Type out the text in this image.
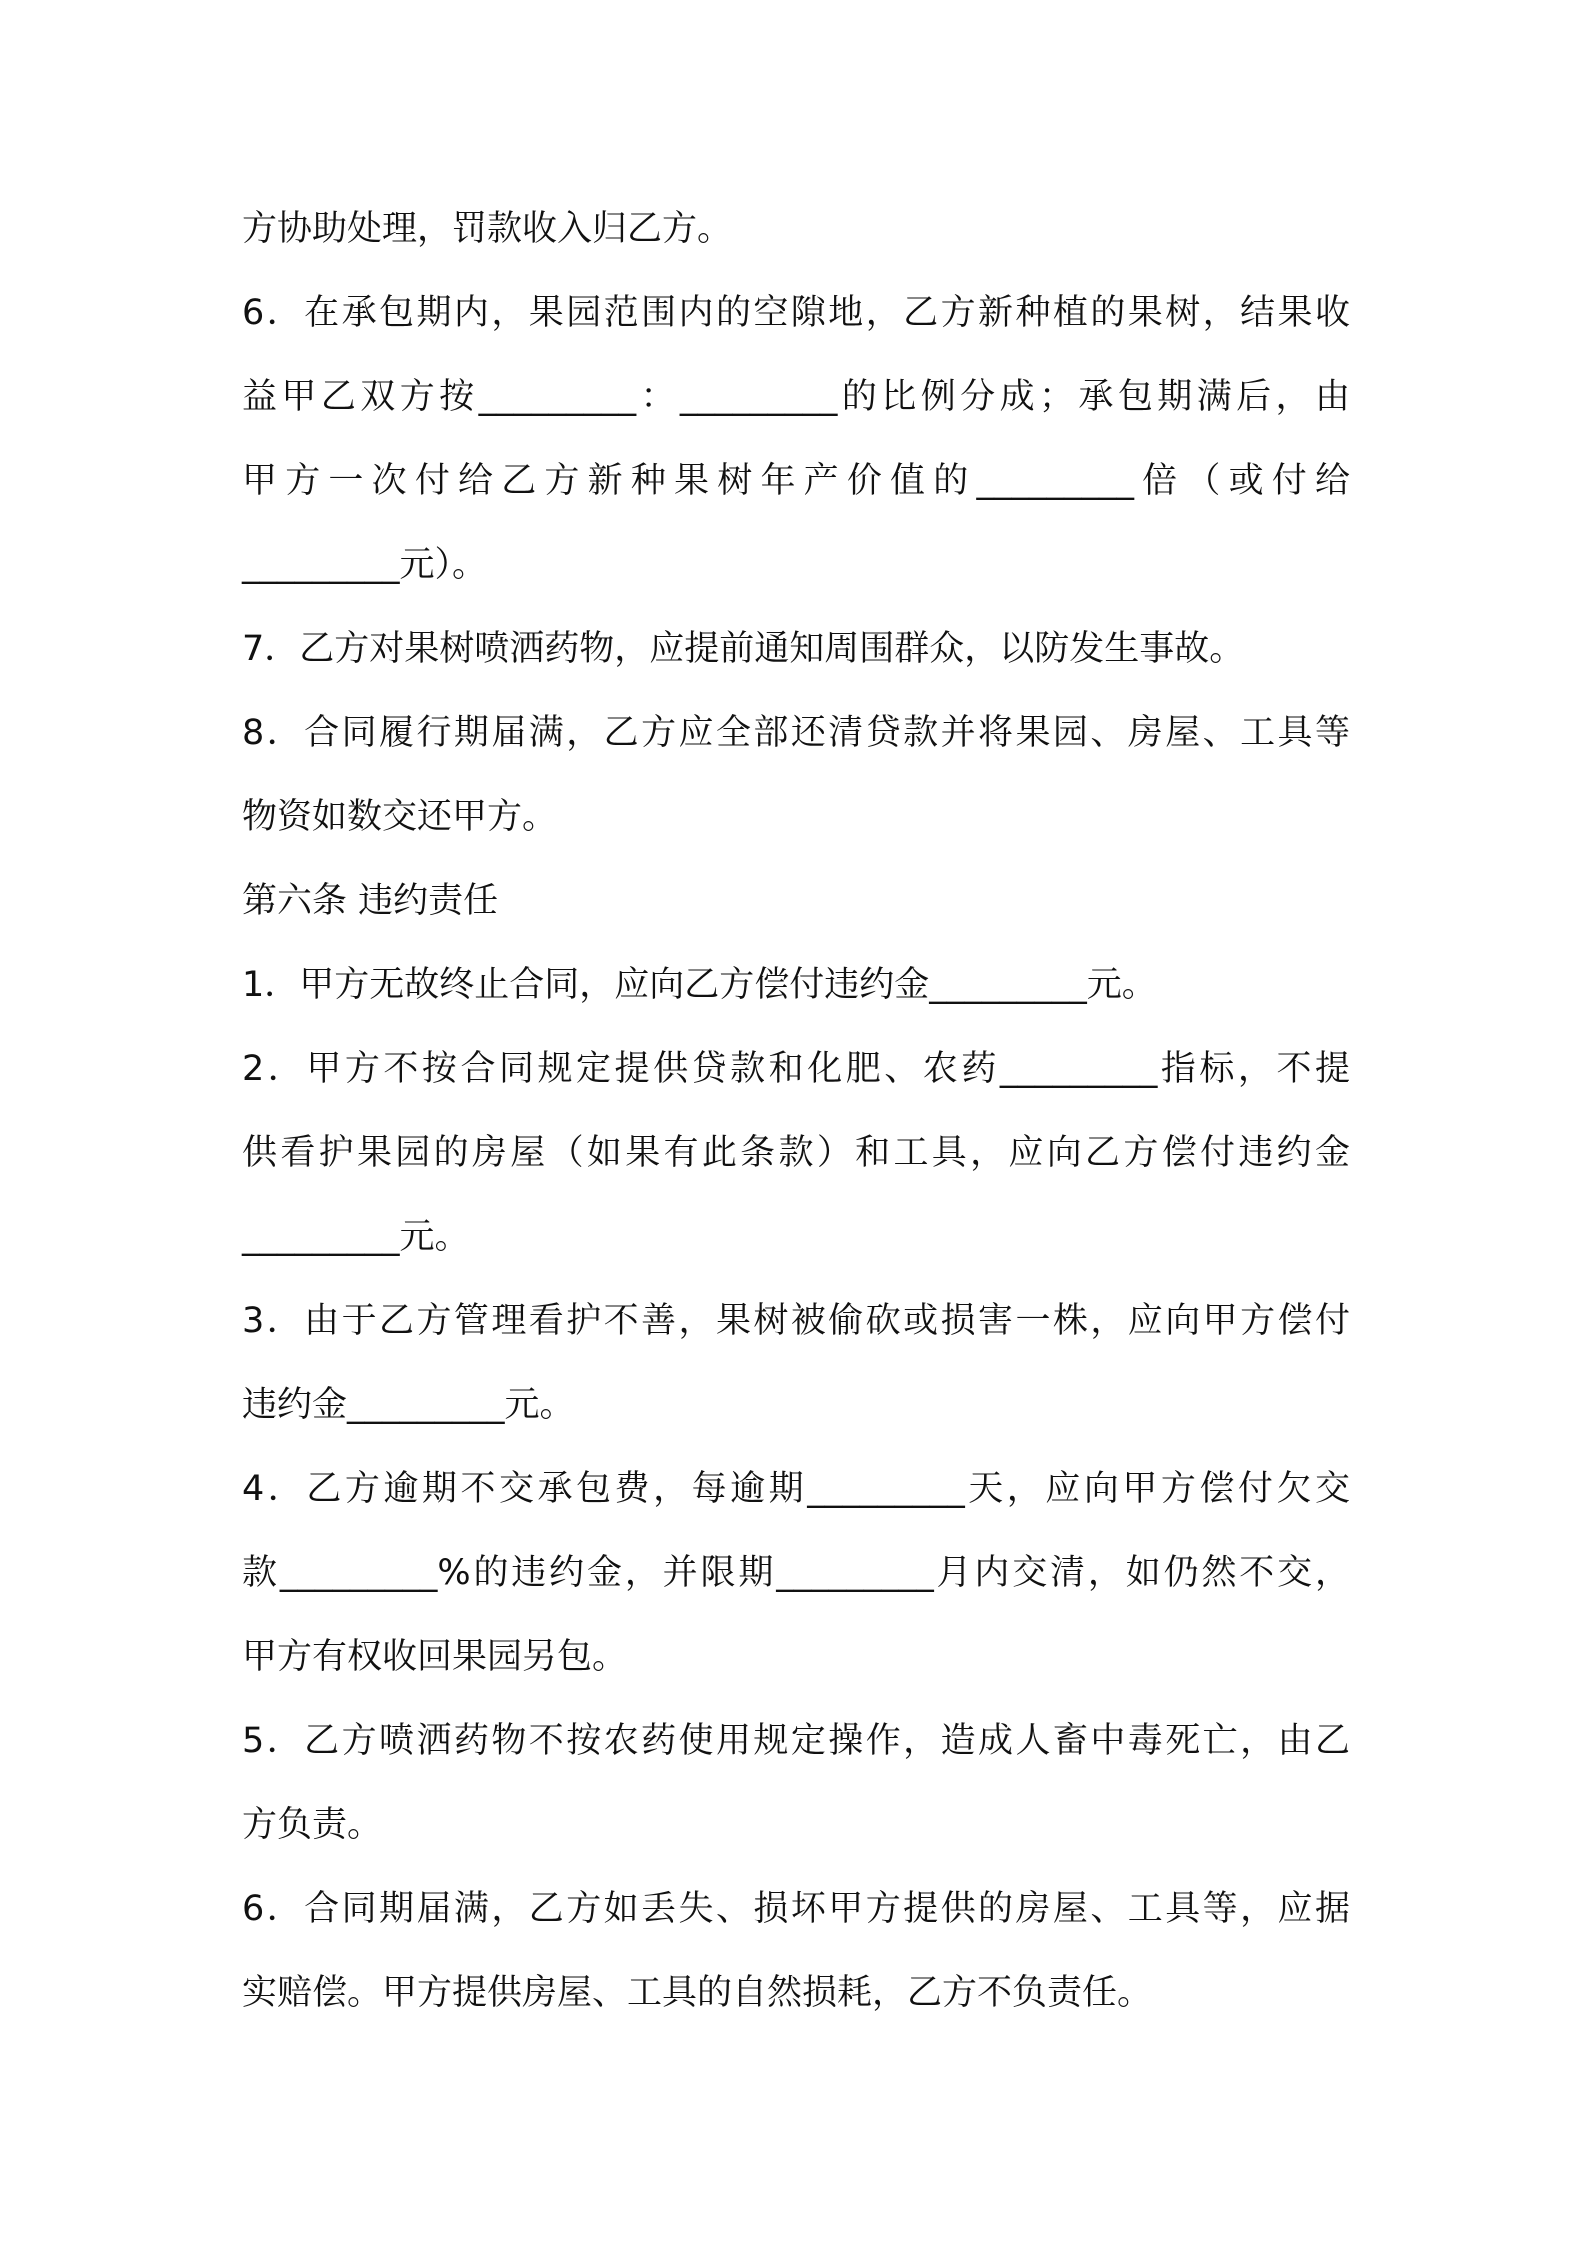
方协助处理，罚款收入归乙方。
6．在承包期内，果园范围内的空隙地，乙方新种植的果树，结果收
益甲乙双方按_________：_________的比例分成；承包期满后，由
甲方一次付给乙方新种果树年产价值的_________倍（或付给
_________元）。
7．乙方对果树喷洒药物，应提前通知周围群众，以防发生事故。
8．合同履行期届满，乙方应全部还清贷款并将果园、房屋、工具等
物资如数交还甲方。
第六条 违约责任
1．甲方无故终止合同，应向乙方偿付违约金_________元。
2．甲方不按合同规定提供贷款和化肥、农药_________指标，不提
供看护果园的房屋（如果有此条款）和工具，应向乙方偿付违约金
_________元。
3．由于乙方管理看护不善，果树被偷砍或损害一株，应向甲方偿付
违约金_________元。
4．乙方逾期不交承包费，每逾期_________天，应向甲方偿付欠交
款_________%的违约金，并限期_________月内交清，如仍然不交，
甲方有权收回果园另包。
5．乙方喷洒药物不按农药使用规定操作，造成人畜中毒死亡，由乙
方负责。
6．合同期届满，乙方如丢失、损坏甲方提供的房屋、工具等，应据
实赔偿。甲方提供房屋、工具的自然损耗，乙方不负责任。
